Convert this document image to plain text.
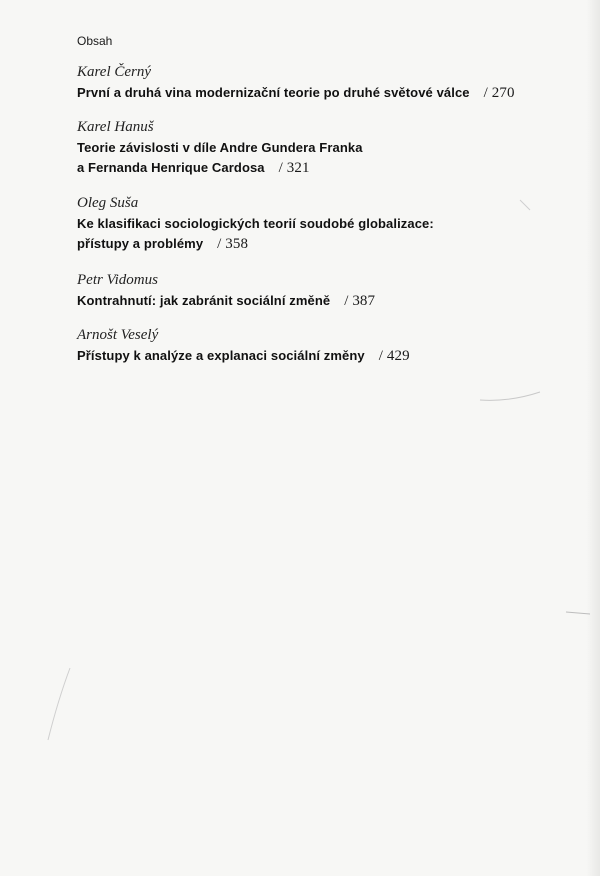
Obsah
Karel Černý
První a druhá vina modernizační teorie po druhé světové válce / 270
Karel Hanuš
Teorie závislosti v díle Andre Gundera Franka
a Fernanda Henrique Cardosa / 321
Oleg Suša
Ke klasifikaci sociologických teorií soudobé globalizace:
přístupy a problémy / 358
Petr Vidomus
Kontrahnutí: jak zabránit sociální změně / 387
Arnošt Veselý
Přístupy k analýze a explanaci sociální změny / 429
